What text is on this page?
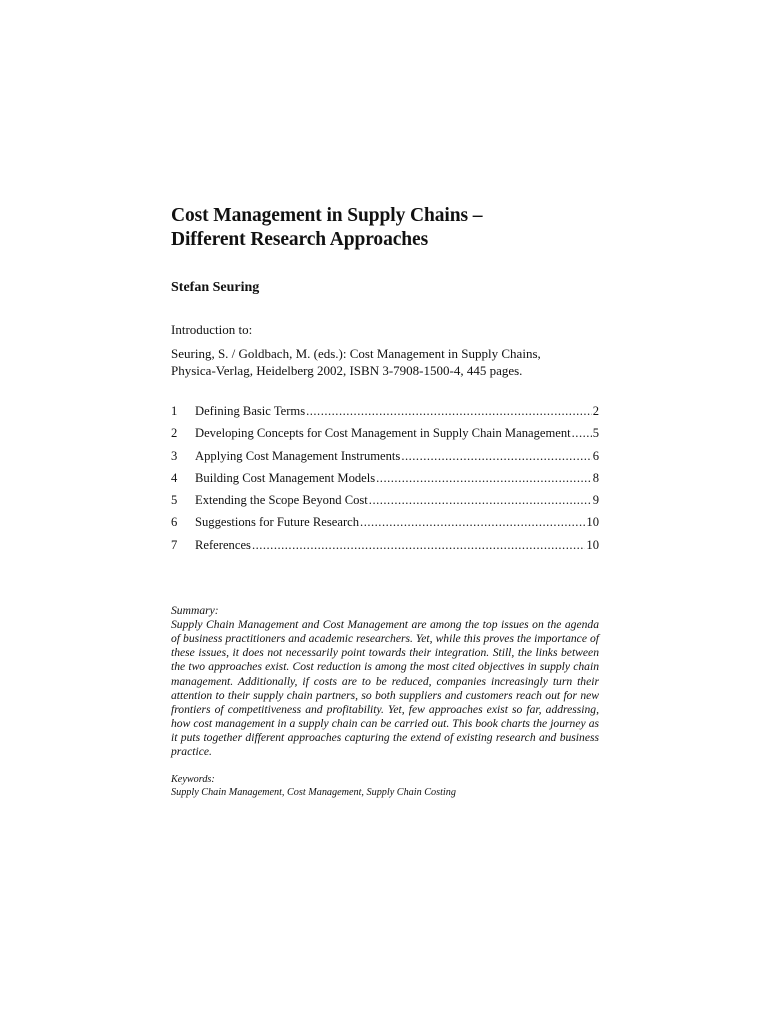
Cost Management in Supply Chains –
Different Research Approaches
Stefan Seuring
Introduction to:
Seuring, S. / Goldbach, M. (eds.): Cost Management in Supply Chains,
Physica-Verlag, Heidelberg 2002, ISBN 3-7908-1500-4, 445 pages.
1	Defining Basic Terms .....	2
2	Developing Concepts for Cost Management in Supply Chain Management ..... 5
3	Applying Cost Management Instruments .....	6
4	Building Cost Management Models .....	8
5	Extending the Scope Beyond Cost .....	9
6	Suggestions for Future Research .....	10
7	References .....	10
Summary:

Supply Chain Management and Cost Management are among the top issues on the agenda of business practitioners and academic researchers. Yet, while this proves the importance of these issues, it does not necessarily point towards their integration. Still, the links between the two approaches exist. Cost reduction is among the most cited objectives in supply chain management. Additionally, if costs are to be reduced, companies increasingly turn their attention to their supply chain partners, so both suppliers and customers reach out for new frontiers of competitiveness and profitability. Yet, few approaches exist so far, addressing, how cost management in a supply chain can be carried out. This book charts the journey as it puts together different approaches capturing the extend of existing research and business practice.

Keywords:
Supply Chain Management, Cost Management, Supply Chain Costing
